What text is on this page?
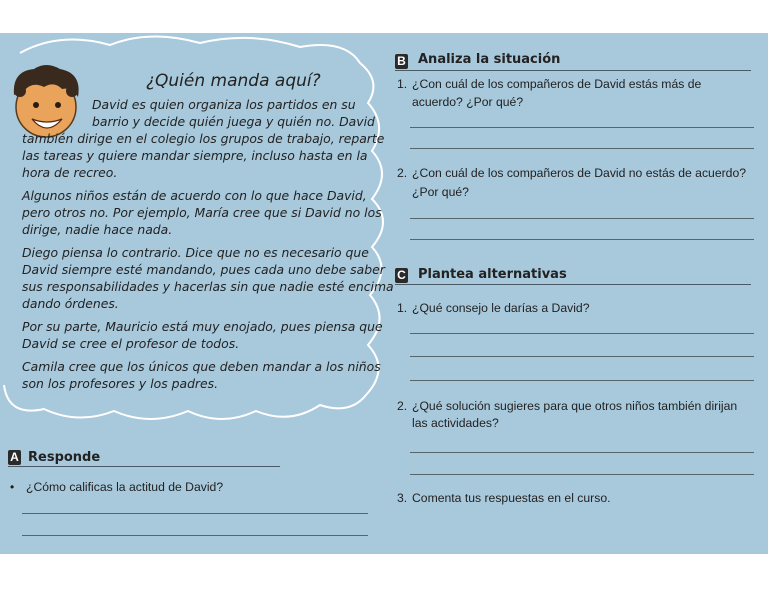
¿Quién manda aquí?
David es quien organiza los partidos en su
barrio y decide quién juega y quién no. David
también dirige en el colegio los grupos de trabajo, reparte
las tareas y quiere mandar siempre, incluso hasta en la
hora de recreo.
Algunos niños están de acuerdo con lo que hace David,
pero otros no. Por ejemplo, María cree que si David no los
dirige, nadie hace nada.
Diego piensa lo contrario. Dice que no es necesario que
David siempre esté mandando, pues cada uno debe saber
sus responsabilidades y hacerlas sin que nadie esté encima
dando órdenes.
Por su parte, Mauricio está muy enojado, pues piensa que
David se cree el profesor de todos.
Camila cree que los únicos que deben mandar a los niños
son los profesores y los padres.
A Responde
• ¿Cómo calificas la actitud de David?
B Analiza la situación
1. ¿Con cuál de los compañeros de David estás más de
acuerdo? ¿Por qué?
2. ¿Con cuál de los compañeros de David no estás de acuerdo?
¿Por qué?
C Plantea alternativas
1. ¿Qué consejo le darías a David?
2. ¿Qué solución sugieres para que otros niños también dirijan
las actividades?
3. Comenta tus respuestas en el curso.
